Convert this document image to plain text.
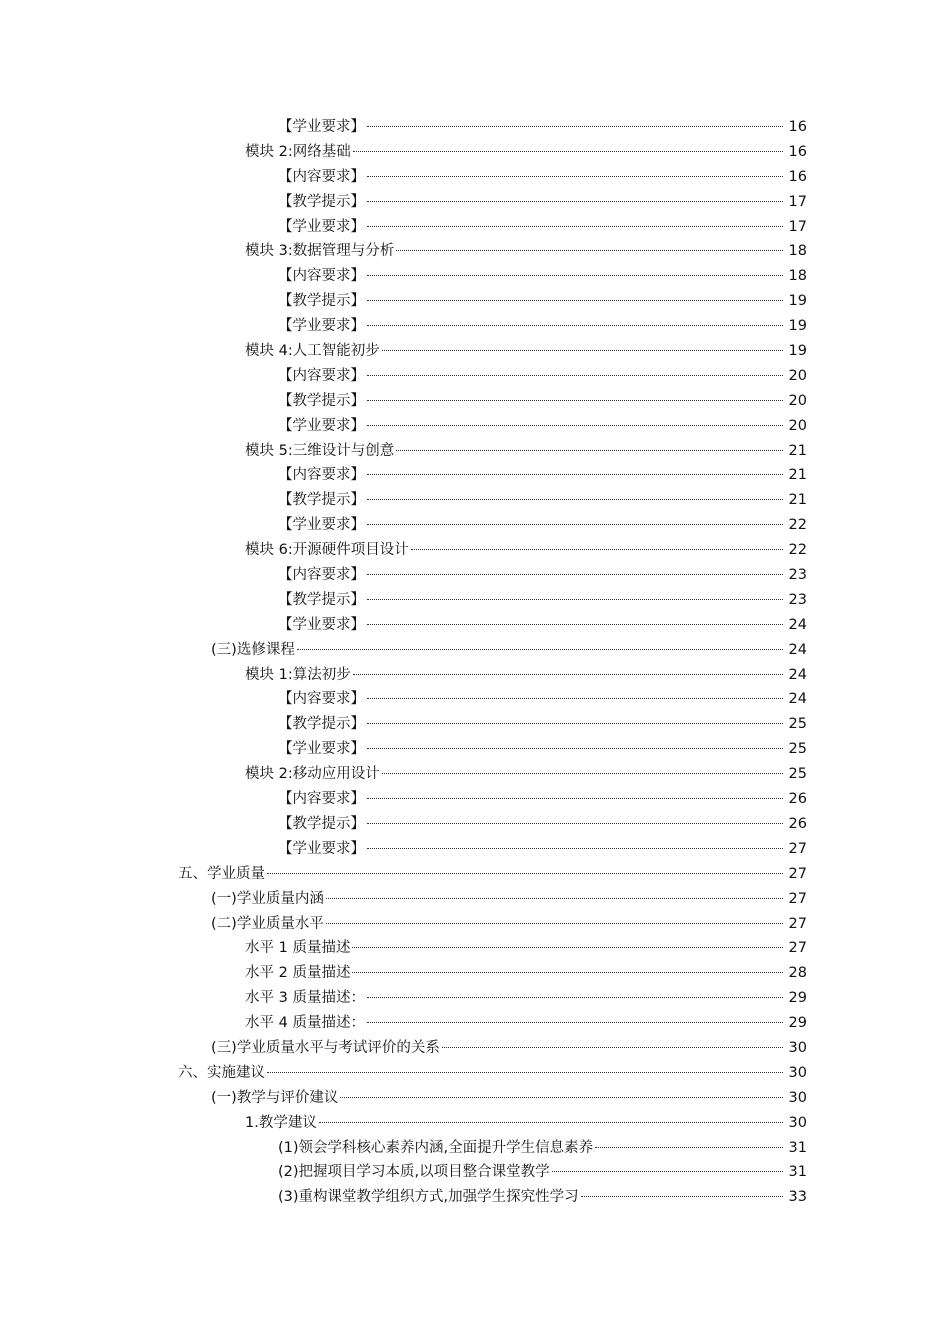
【学业要求】	16
模块 2:网络基础	16
【内容要求】	16
【教学提示】	17
【学业要求】	17
模块 3:数据管理与分析	18
【内容要求】	18
【教学提示】	19
【学业要求】	19
模块 4:人工智能初步	19
【内容要求】	20
【教学提示】	20
【学业要求】	20
模块 5:三维设计与创意	21
【内容要求】	21
【教学提示】	21
【学业要求】	22
模块 6:开源硬件项目设计	22
【内容要求】	23
【教学提示】	23
【学业要求】	24
(三)选修课程	24
模块 1:算法初步	24
【内容要求】	24
【教学提示】	25
【学业要求】	25
模块 2:移动应用设计	25
【内容要求】	26
【教学提示】	26
【学业要求】	27
五、学业质量	27
(一)学业质量内涵	27
(二)学业质量水平	27
水平 1 质量描述	27
水平 2 质量描述	28
水平 3 质量描述：	29
水平 4 质量描述：	29
(三)学业质量水平与考试评价的关系	30
六、实施建议	30
(一)教学与评价建议	30
1.教学建议	30
(1)领会学科核心素养内涵,全面提升学生信息素养	31
(2)把握项目学习本质,以项目整合课堂教学	31
(3)重构课堂教学组织方式,加强学生探究性学习	33
